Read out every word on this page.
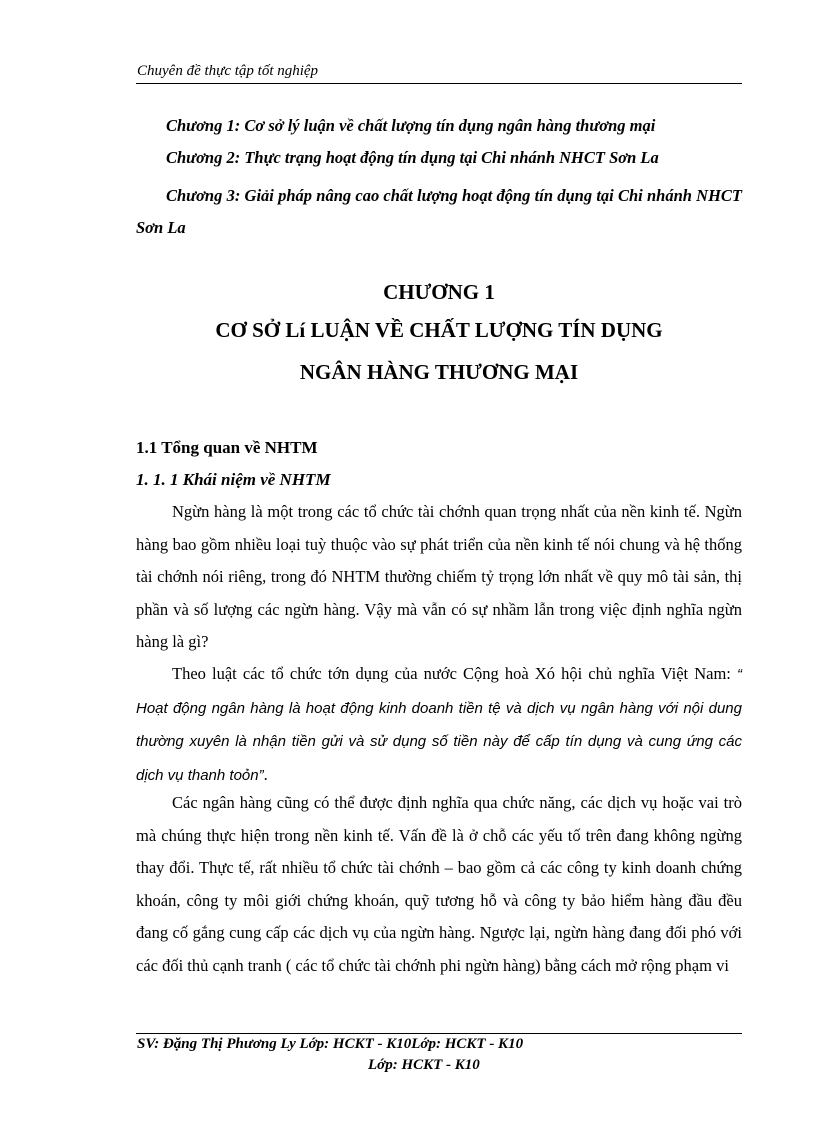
Chuyên đề thực tập tốt nghiệp
Chương 1: Cơ sở lý luận về chất lượng tín dụng ngân hàng thương mại
Chương 2: Thực trạng hoạt động tín dụng tại Chi nhánh NHCT Sơn La
Chương 3: Giải pháp nâng cao chất lượng hoạt động tín dụng tại Chi nhánh NHCT Sơn La
CHƯƠNG 1
CƠ SỞ Lí LUẬN VỀ CHẤT LƯỢNG TÍN DỤNG
NGÂN HÀNG THƯƠNG MẠI
1.1 Tổng quan về NHTM
1. 1. 1 Khái niệm về NHTM

Ngừn hàng là một trong các tổ chức tài chớnh quan trọng nhất của nền kinh tế. Ngừn hàng bao gồm nhiều loại tuỳ thuộc vào sự phát triển của nền kinh tế nói chung và hệ thống tài chớnh nói riêng, trong đó NHTM thường chiếm tỷ trọng lớn nhất về quy mô tài sản, thị phần và số lượng các ngừn hàng. Vậy mà vẫn có sự nhầm lẫn trong việc định nghĩa ngừn hàng là gì?

Theo luật các tổ chức tớn dụng của nước Cộng hoà Xó hội chủ nghĩa Việt Nam: “ Hoạt động ngân hàng là hoạt động kinh doanh tiền tệ và dịch vụ ngân hàng với nội dung thường xuyên là nhận tiền gửi và sử dụng số tiền này để cấp tín dụng và cung ứng các dịch vụ thanh toỏn”.

Các ngân hàng cũng có thể được định nghĩa qua chức năng, các dịch vụ hoặc vai trò mà chúng thực hiện trong nền kinh tế. Vấn đề là ở chỗ các yếu tố trên đang không ngừng thay đổi. Thực tế, rất nhiều tổ chức tài chớnh – bao gồm cả các công ty kinh doanh chứng khoán, công ty môi giới chứng khoán, quỹ tương hỗ và công ty bảo hiểm hàng đầu đều đang cố gắng cung cấp các dịch vụ của ngừn hàng. Ngược lại, ngừn hàng đang đối phó với các đối thủ cạnh tranh ( các tổ chức tài chớnh phi ngừn hàng) bằng cách mở rộng phạm vi

SV: Đặng Thị Phương Ly Lớp: HCKT - K10Lớp: HCKT - K10
Lớp: HCKT - K10
